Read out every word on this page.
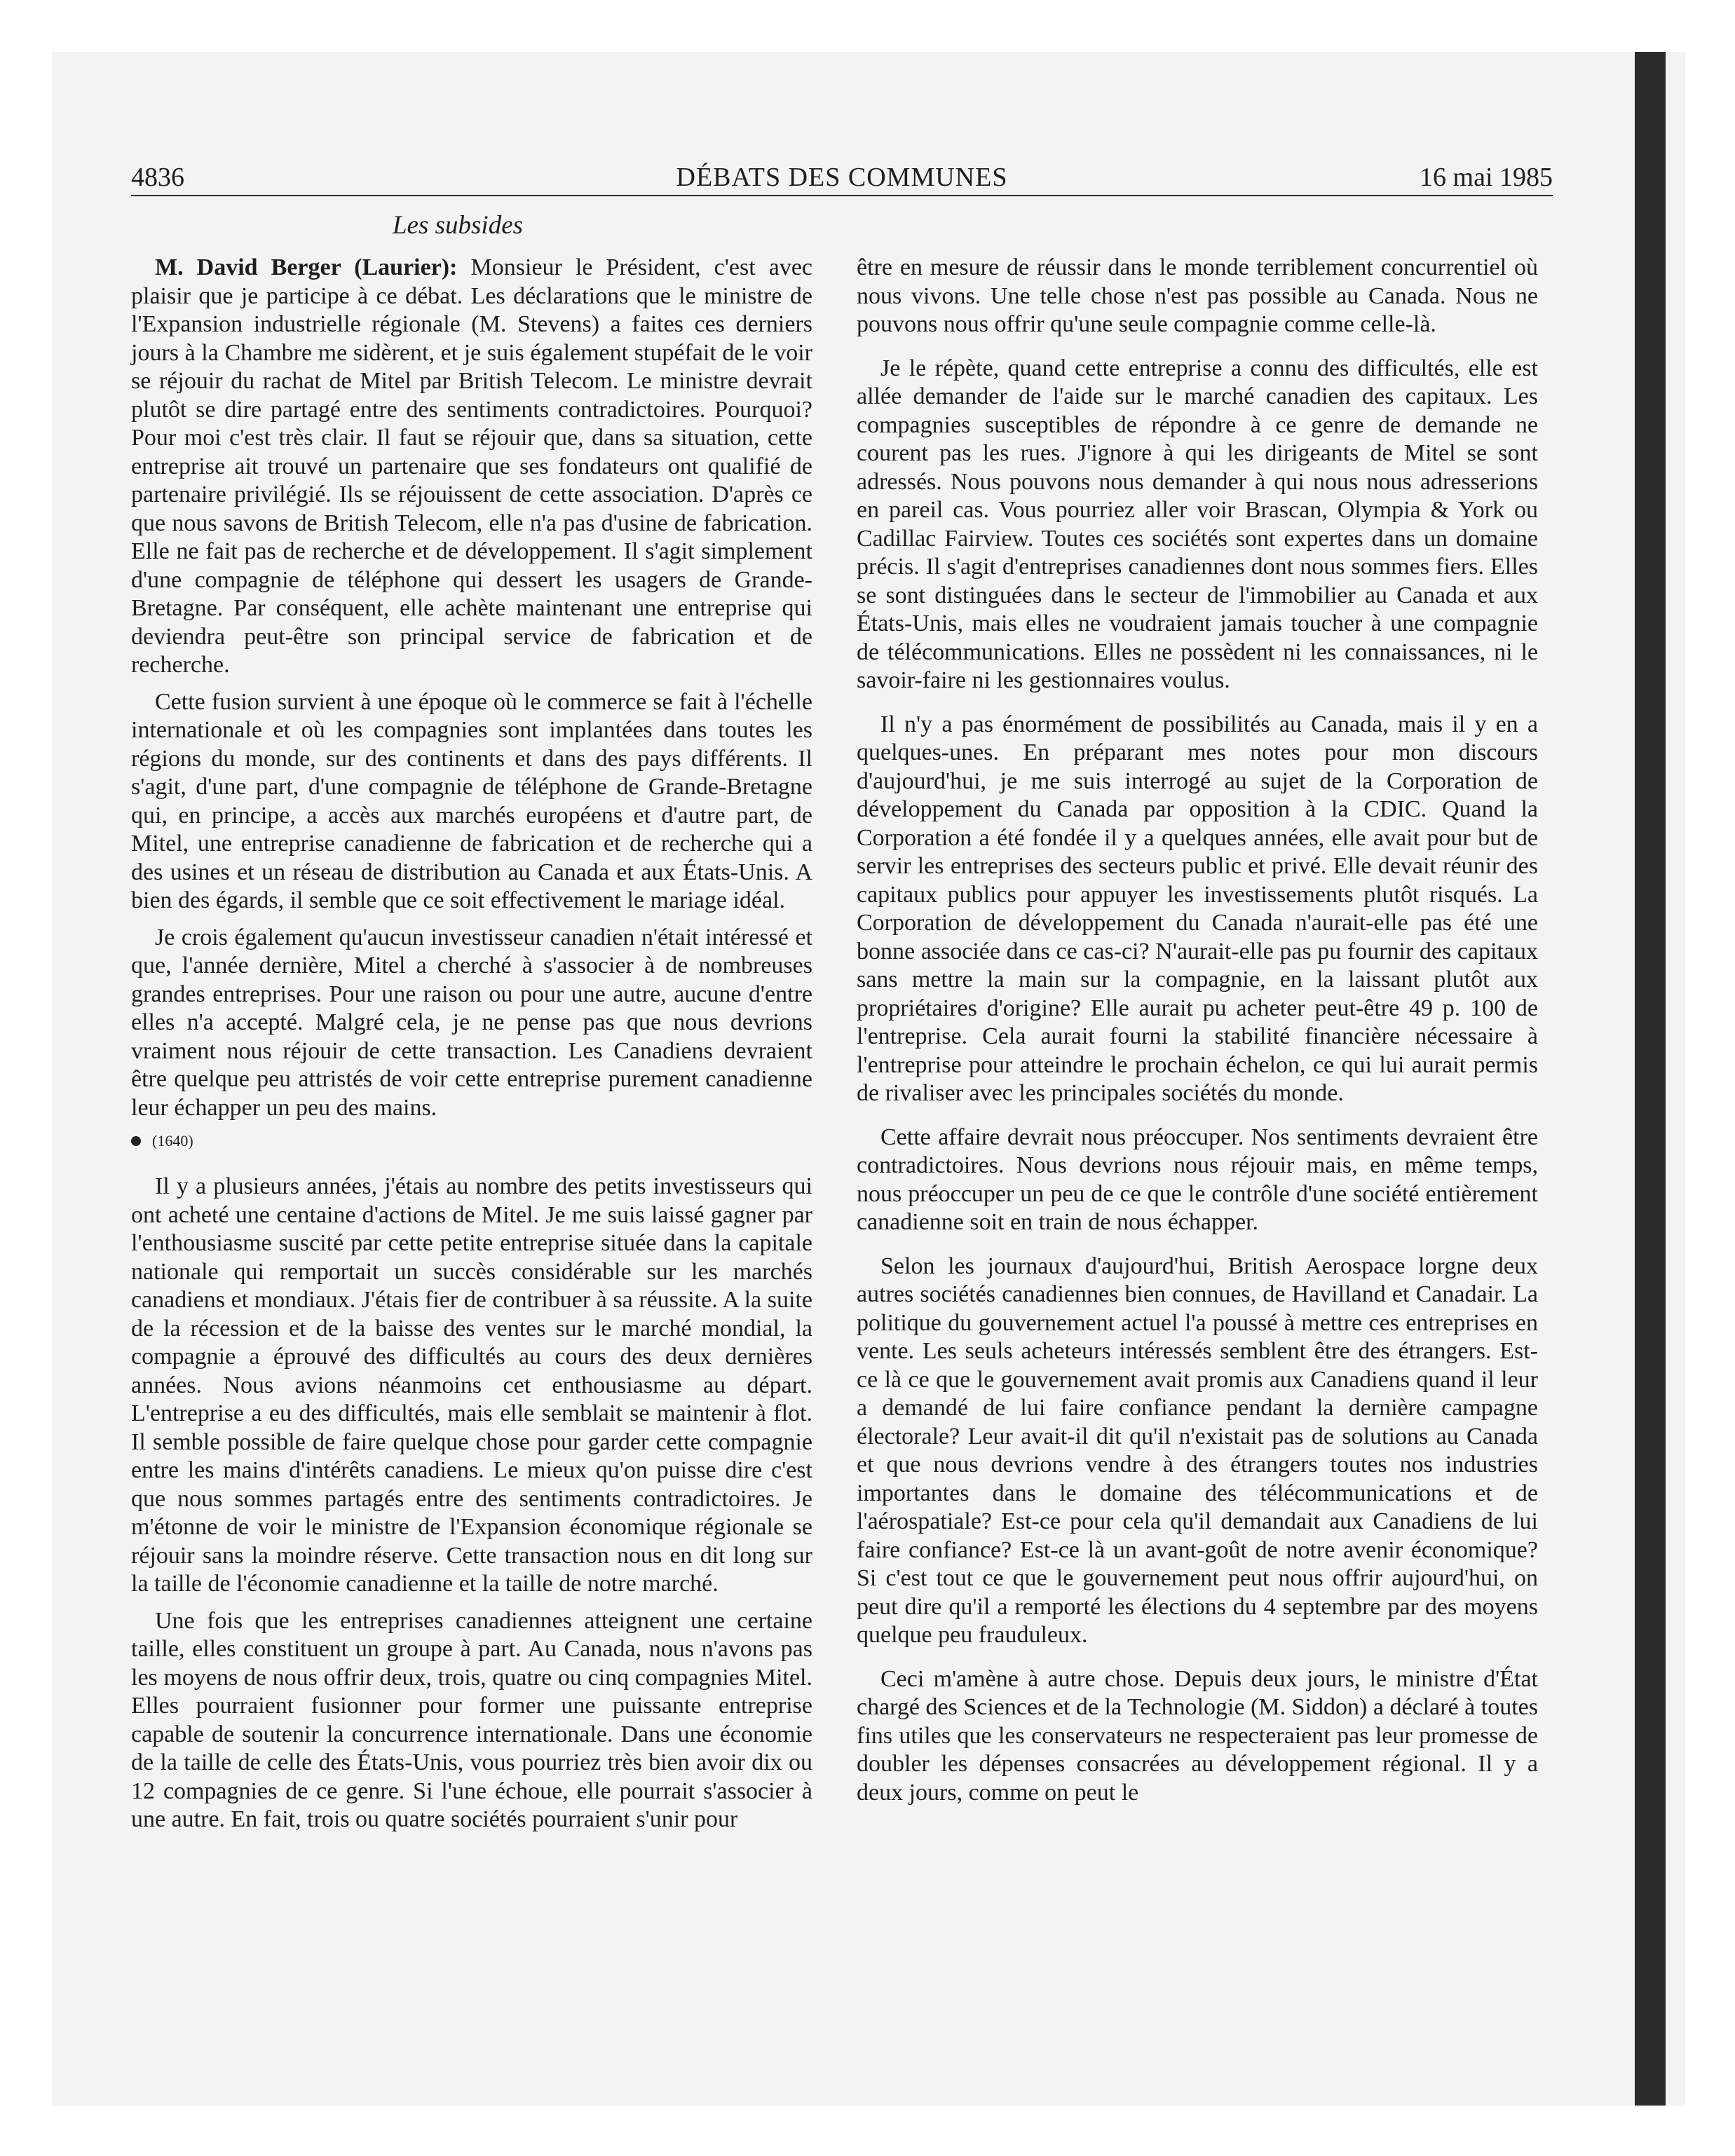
4836	DÉBATS DES COMMUNES	16 mai 1985
Les subsides

M. David Berger (Laurier): Monsieur le Président, c'est avec plaisir que je participe à ce débat. Les déclarations que le ministre de l'Expansion industrielle régionale (M. Stevens) a faites ces derniers jours à la Chambre me sidèrent, et je suis également stupéfait de le voir se réjouir du rachat de Mitel par British Telecom. Le ministre devrait plutôt se dire partagé entre des sentiments contradictoires. Pourquoi? Pour moi c'est très clair. Il faut se réjouir que, dans sa situation, cette entreprise ait trouvé un partenaire que ses fondateurs ont qualifié de partenaire privilégié. Ils se réjouissent de cette association. D'après ce que nous savons de British Telecom, elle n'a pas d'usine de fabrication. Elle ne fait pas de recherche et de développement. Il s'agit simplement d'une compagnie de téléphone qui dessert les usagers de Grande-Bretagne. Par conséquent, elle achète maintenant une entreprise qui deviendra peut-être son principal service de fabrication et de recherche.

Cette fusion survient à une époque où le commerce se fait à l'échelle internationale et où les compagnies sont implantées dans toutes les régions du monde, sur des continents et dans des pays différents. Il s'agit, d'une part, d'une compagnie de téléphone de Grande-Bretagne qui, en principe, a accès aux marchés européens et d'autre part, de Mitel, une entreprise canadienne de fabrication et de recherche qui a des usines et un réseau de distribution au Canada et aux États-Unis. A bien des égards, il semble que ce soit effectivement le mariage idéal.

Je crois également qu'aucun investisseur canadien n'était intéressé et que, l'année dernière, Mitel a cherché à s'associer à de nombreuses grandes entreprises. Pour une raison ou pour une autre, aucune d'entre elles n'a accepté. Malgré cela, je ne pense pas que nous devrions vraiment nous réjouir de cette transaction. Les Canadiens devraient être quelque peu attristés de voir cette entreprise purement canadienne leur échapper un peu des mains.

(1640)

Il y a plusieurs années, j'étais au nombre des petits investisseurs qui ont acheté une centaine d'actions de Mitel. Je me suis laissé gagner par l'enthousiasme suscité par cette petite entreprise située dans la capitale nationale qui remportait un succès considérable sur les marchés canadiens et mondiaux. J'étais fier de contribuer à sa réussite. A la suite de la récession et de la baisse des ventes sur le marché mondial, la compagnie a éprouvé des difficultés au cours des deux dernières années. Nous avions néanmoins cet enthousiasme au départ. L'entreprise a eu des difficultés, mais elle semblait se maintenir à flot. Il semble possible de faire quelque chose pour garder cette compagnie entre les mains d'intérêts canadiens. Le mieux qu'on puisse dire c'est que nous sommes partagés entre des sentiments contradictoires. Je m'étonne de voir le ministre de l'Expansion économique régionale se réjouir sans la moindre réserve. Cette transaction nous en dit long sur la taille de l'économie canadienne et la taille de notre marché.

Une fois que les entreprises canadiennes atteignent une certaine taille, elles constituent un groupe à part. Au Canada, nous n'avons pas les moyens de nous offrir deux, trois, quatre ou cinq compagnies Mitel. Elles pourraient fusionner pour former une puissante entreprise capable de soutenir la concurrence internationale. Dans une économie de la taille de celle des États-Unis, vous pourriez très bien avoir dix ou 12 compagnies de ce genre. Si l'une échoue, elle pourrait s'associer à une autre. En fait, trois ou quatre sociétés pourraient s'unir pour

être en mesure de réussir dans le monde terriblement concurrentiel où nous vivons. Une telle chose n'est pas possible au Canada. Nous ne pouvons nous offrir qu'une seule compagnie comme celle-là.

Je le répète, quand cette entreprise a connu des difficultés, elle est allée demander de l'aide sur le marché canadien des capitaux. Les compagnies susceptibles de répondre à ce genre de demande ne courent pas les rues. J'ignore à qui les dirigeants de Mitel se sont adressés. Nous pouvons nous demander à qui nous nous adresserions en pareil cas. Vous pourriez aller voir Brascan, Olympia & York ou Cadillac Fairview. Toutes ces sociétés sont expertes dans un domaine précis. Il s'agit d'entreprises canadiennes dont nous sommes fiers. Elles se sont distinguées dans le secteur de l'immobilier au Canada et aux États-Unis, mais elles ne voudraient jamais toucher à une compagnie de télécommunications. Elles ne possèdent ni les connaissances, ni le savoir-faire ni les gestionnaires voulus.

Il n'y a pas énormément de possibilités au Canada, mais il y en a quelques-unes. En préparant mes notes pour mon discours d'aujourd'hui, je me suis interrogé au sujet de la Corporation de développement du Canada par opposition à la CDIC. Quand la Corporation a été fondée il y a quelques années, elle avait pour but de servir les entreprises des secteurs public et privé. Elle devait réunir des capitaux publics pour appuyer les investissements plutôt risqués. La Corporation de développement du Canada n'aurait-elle pas été une bonne associée dans ce cas-ci? N'aurait-elle pas pu fournir des capitaux sans mettre la main sur la compagnie, en la laissant plutôt aux propriétaires d'origine? Elle aurait pu acheter peut-être 49 p. 100 de l'entreprise. Cela aurait fourni la stabilité financière nécessaire à l'entreprise pour atteindre le prochain échelon, ce qui lui aurait permis de rivaliser avec les principales sociétés du monde.

Cette affaire devrait nous préoccuper. Nos sentiments devraient être contradictoires. Nous devrions nous réjouir mais, en même temps, nous préoccuper un peu de ce que le contrôle d'une société entièrement canadienne soit en train de nous échapper.

Selon les journaux d'aujourd'hui, British Aerospace lorgne deux autres sociétés canadiennes bien connues, de Havilland et Canadair. La politique du gouvernement actuel l'a poussé à mettre ces entreprises en vente. Les seuls acheteurs intéressés semblent être des étrangers. Est-ce là ce que le gouvernement avait promis aux Canadiens quand il leur a demandé de lui faire confiance pendant la dernière campagne électorale? Leur avait-il dit qu'il n'existait pas de solutions au Canada et que nous devrions vendre à des étrangers toutes nos industries importantes dans le domaine des télécommunications et de l'aérospatiale? Est-ce pour cela qu'il demandait aux Canadiens de lui faire confiance? Est-ce là un avant-goût de notre avenir économique? Si c'est tout ce que le gouvernement peut nous offrir aujourd'hui, on peut dire qu'il a remporté les élections du 4 septembre par des moyens quelque peu frauduleux.

Ceci m'amène à autre chose. Depuis deux jours, le ministre d'État chargé des Sciences et de la Technologie (M. Siddon) a déclaré à toutes fins utiles que les conservateurs ne respecteraient pas leur promesse de doubler les dépenses consacrées au développement régional. Il y a deux jours, comme on peut le
